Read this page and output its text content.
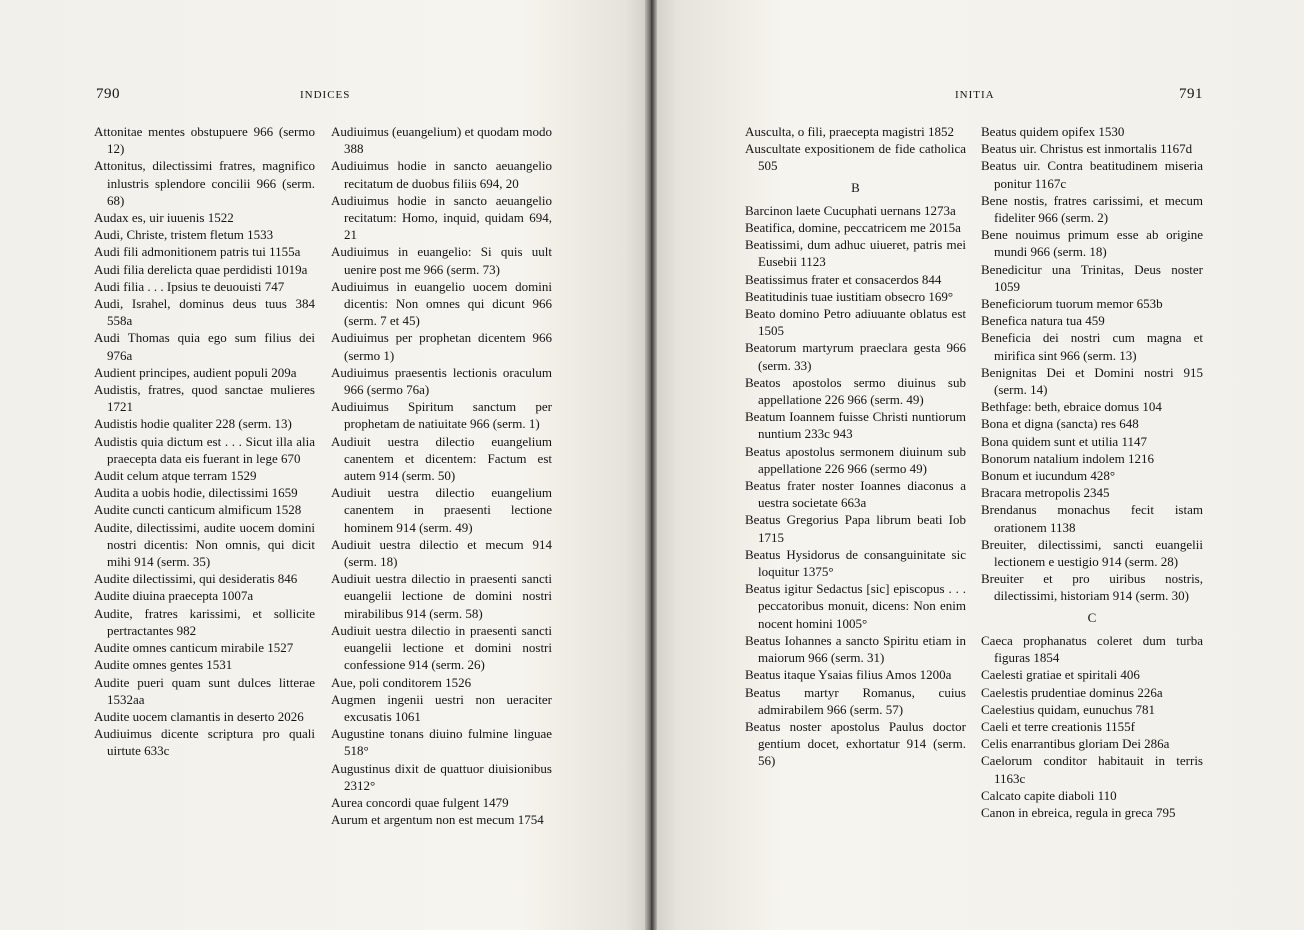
790	INDICES

Attonitae mentes obstupuere 966 (sermo 12)

Attonitus, dilectissimi fratres, magnifico inlustris splendore concilii 966 (serm. 68)

Audax es, uir iuuenis 1522

Audi, Christe, tristem fletum 1533

Audi fili admonitionem patris tui 1155a

Audi filia derelicta quae perdidisti 1019a

Audi filia . . . Ipsius te deuouisti 747

Audi, Israhel, dominus deus tuus 384 558a

Audi Thomas quia ego sum filius dei 976a

Audient principes, audient populi 209a

Audistis, fratres, quod sanctae mulieres 1721

Audistis hodie qualiter 228 (serm. 13)

Audistis quia dictum est . . . Sicut illa alia praecepta data eis fuerant in lege 670

Audit celum atque terram 1529

Audita a uobis hodie, dilectissimi 1659

Audite cuncti canticum almificum 1528

Audite, dilectissimi, audite uocem domini nostri dicentis: Non omnis, qui dicit mihi 914 (serm. 35)

Audite dilectissimi, qui desideratis 846

Audite diuina praecepta 1007a

Audite, fratres karissimi, et sollicite pertractantes 982

Audite omnes canticum mirabile 1527

Audite omnes gentes 1531

Audite pueri quam sunt dulces litterae 1532aa

Audite uocem clamantis in deserto 2026

Audiuimus dicente scriptura pro quali uirtute 633c

Audiuimus (euangelium) et quodam modo 388

Audiuimus hodie in sancto aeuangelio recitatum de duobus filiis 694, 20

Audiuimus hodie in sancto aeuangelio recitatum: Homo, inquid, quidam 694, 21

Audiuimus in euangelio: Si quis uult uenire post me 966 (serm. 73)

Audiuimus in euangelio uocem domini dicentis: Non omnes qui dicunt 966 (serm. 7 et 45)

Audiuimus per prophetan dicentem 966 (sermo 1)

Audiuimus praesentis lectionis oraculum 966 (sermo 76a)

Audiuimus Spiritum sanctum per prophetam de natiuitate 966 (serm. 1)

Audiuit uestra dilectio euangelium canentem et dicentem: Factum est autem 914 (serm. 50)

Audiuit uestra dilectio euangelium canentem in praesenti lectione hominem 914 (serm. 49)

Audiuit uestra dilectio et mecum 914 (serm. 18)

Audiuit uestra dilectio in praesenti sancti euangelii lectione de domini nostri mirabilibus 914 (serm. 58)

Audiuit uestra dilectio in praesenti sancti euangelii lectione et domini nostri confessione 914 (serm. 26)

Aue, poli conditorem 1526

Augmen ingenii uestri non ueraciter excusatis 1061

Augustine tonans diuino fulmine linguae 518°

Augustinus dixit de quattuor diuisionibus 2312°

Aurea concordi quae fulgent 1479

Aurum et argentum non est mecum 1754

INITIA	791

Ausculta, o fili, praecepta magistri 1852

Auscultate expositionem de fide catholica 505

B

Barcinon laete Cucuphati uernans 1273a

Beatifica, domine, peccatricem me 2015a

Beatissimi, dum adhuc uiueret, patris mei Eusebii 1123

Beatissimus frater et consacerdos 844

Beatitudinis tuae iustitiam obsecro 169°

Beato domino Petro adiuuante oblatus est 1505

Beatorum martyrum praeclara gesta 966 (serm. 33)

Beatos apostolos sermo diuinus sub appellatione 226 966 (serm. 49)

Beatum Ioannem fuisse Christi nuntiorum nuntium 233c 943

Beatus apostolus sermonem diuinum sub appellatione 226 966 (sermo 49)

Beatus frater noster Ioannes diaconus a uestra societate 663a

Beatus Gregorius Papa librum beati Iob 1715

Beatus Hysidorus de consanguinitate sic loquitur 1375°

Beatus igitur Sedactus [sic] episcopus . . . peccatoribus monuit, dicens: Non enim nocent homini 1005°

Beatus Iohannes a sancto Spiritu etiam in maiorum 966 (serm. 31)

Beatus itaque Ysaias filius Amos 1200a

Beatus martyr Romanus, cuius admirabilem 966 (serm. 57)

Beatus noster apostolus Paulus doctor gentium docet, exhortatur 914 (serm. 56)

Beatus quidem opifex 1530

Beatus uir. Christus est inmortalis 1167d

Beatus uir. Contra beatitudinem miseria ponitur 1167c

Bene nostis, fratres carissimi, et mecum fideliter 966 (serm. 2)

Bene nouimus primum esse ab origine mundi 966 (serm. 18)

Benedicitur una Trinitas, Deus noster 1059

Beneficiorum tuorum memor 653b

Benefica natura tua 459

Beneficia dei nostri cum magna et mirifica sint 966 (serm. 13)

Benignitas Dei et Domini nostri 915 (serm. 14)

Bethfage: beth, ebraice domus 104

Bona et digna (sancta) res 648

Bona quidem sunt et utilia 1147

Bonorum natalium indolem 1216

Bonum et iucundum 428°

Bracara metropolis 2345

Brendanus monachus fecit istam orationem 1138

Breuiter, dilectissimi, sancti euangelii lectionem e uestigio 914 (serm. 28)

Breuiter et pro uiribus nostris, dilectissimi, historiam 914 (serm. 30)

C

Caeca prophanatus coleret dum turba figuras 1854

Caelesti gratiae et spiritali 406

Caelestis prudentiae dominus 226a

Caelestius quidam, eunuchus 781

Caeli et terre creationis 1155f

Celis enarrantibus gloriam Dei 286a

Caelorum conditor habitauit in terris 1163c

Calcato capite diaboli 110

Canon in ebreica, regula in greca 795
